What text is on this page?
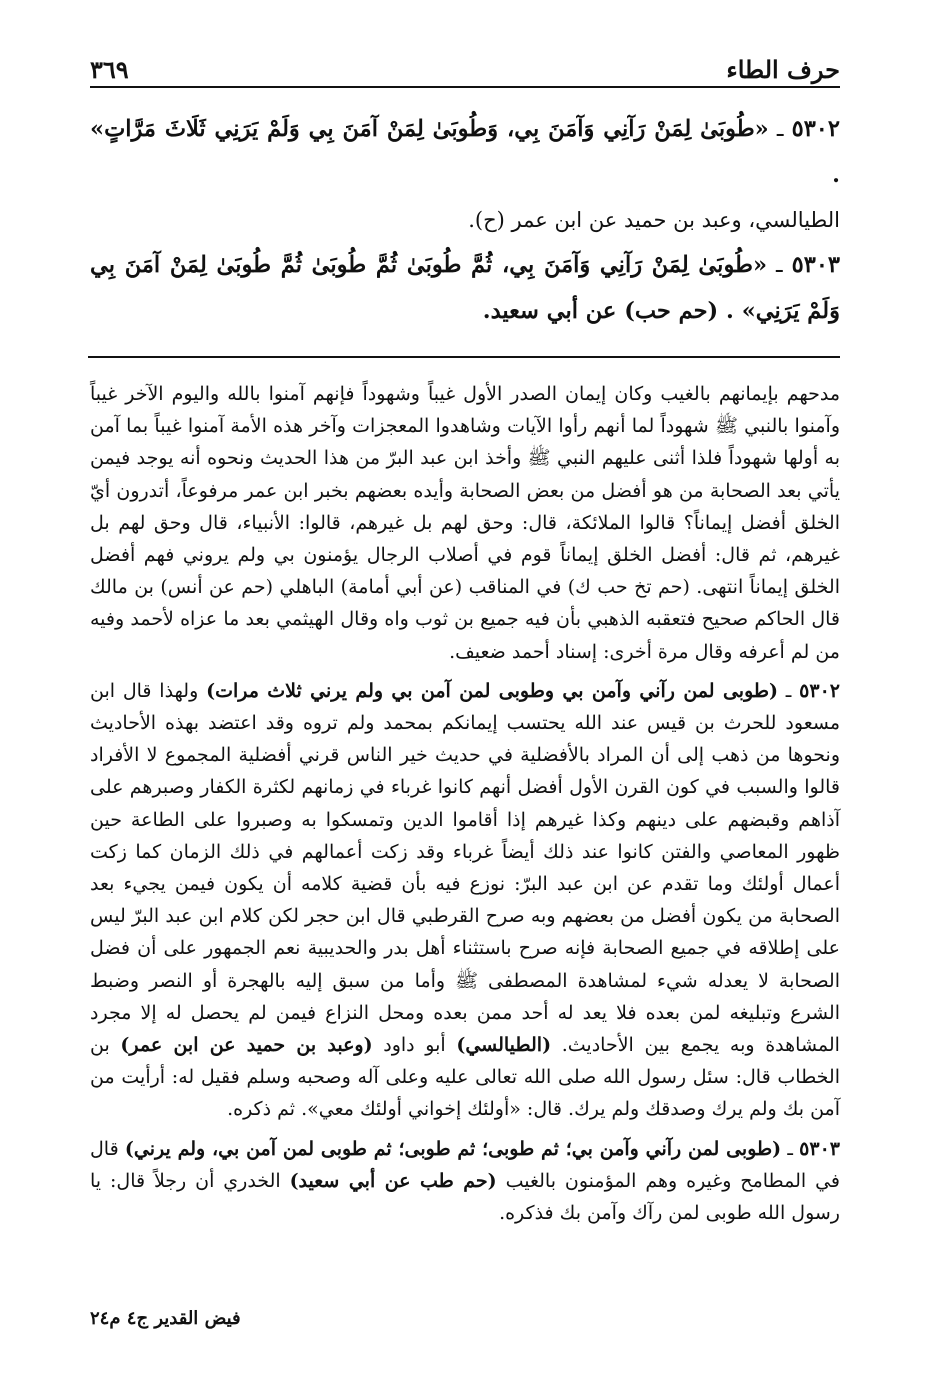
حرف الطاء
٣٦٩

٥٣٠٢ ـ «طُوبَىٰ لِمَنْ رَآنِي وَآمَنَ بِي، وَطُوبَىٰ لِمَنْ آمَنَ بِي وَلَمْ يَرَنِي ثَلَاثَ مَرَّاتٍ» .

الطيالسي، وعبد بن حميد عن ابن عمر (ح).

٥٣٠٣ ـ «طُوبَىٰ لِمَنْ رَآنِي وَآمَنَ بِي، ثُمَّ طُوبَىٰ ثُمَّ طُوبَىٰ ثُمَّ طُوبَىٰ لِمَنْ آمَنَ بِي وَلَمْ يَرَنِي» . (حم حب) عن أبي سعيد.

مدحهم بإيمانهم بالغيب وكان إيمان الصدر الأول غيباً وشهوداً فإنهم آمنوا بالله واليوم الآخر غيباً وآمنوا بالنبي ﷺ شهوداً لما أنهم رأوا الآيات وشاهدوا المعجزات وآخر هذه الأمة آمنوا غيباً بما آمن به أولها شهوداً فلذا أثنى عليهم النبي ﷺ وأخذ ابن عبد البرّ من هذا الحديث ونحوه أنه يوجد فيمن يأتي بعد الصحابة من هو أفضل من بعض الصحابة وأيده بعضهم بخبر ابن عمر مرفوعاً، أتدرون أيّ الخلق أفضل إيماناً؟ قالوا الملائكة، قال: وحق لهم بل غيرهم، قالوا: الأنبياء، قال وحق لهم بل غيرهم، ثم قال: أفضل الخلق إيماناً قوم في أصلاب الرجال يؤمنون بي ولم يروني فهم أفضل الخلق إيماناً انتهى. (حم تخ حب ك) في المناقب (عن أبي أمامة) الباهلي (حم عن أنس) بن مالك قال الحاكم صحيح فتعقبه الذهبي بأن فيه جميع بن ثوب واه وقال الهيثمي بعد ما عزاه لأحمد وفيه من لم أعرفه وقال مرة أخرى: إسناد أحمد ضعيف.

٥٣٠٢ ـ (طوبى لمن رآني وآمن بي وطوبى لمن آمن بي ولم يرني ثلاث مرات) ولهذا قال ابن مسعود للحرث بن قيس عند الله يحتسب إيمانكم بمحمد ولم تروه وقد اعتضد بهذه الأحاديث ونحوها من ذهب إلى أن المراد بالأفضلية في حديث خير الناس قرني أفضلية المجموع لا الأفراد قالوا والسبب في كون القرن الأول أفضل أنهم كانوا غرباء في زمانهم لكثرة الكفار وصبرهم على آذاهم وقبضهم على دينهم وكذا غيرهم إذا أقاموا الدين وتمسكوا به وصبروا على الطاعة حين ظهور المعاصي والفتن كانوا عند ذلك أيضاً غرباء وقد زكت أعمالهم في ذلك الزمان كما زكت أعمال أولئك وما تقدم عن ابن عبد البرّ: نوزع فيه بأن قضية كلامه أن يكون فيمن يجيء بعد الصحابة من يكون أفضل من بعضهم وبه صرح القرطبي قال ابن حجر لكن كلام ابن عبد البرّ ليس على إطلاقه في جميع الصحابة فإنه صرح باستثناء أهل بدر والحديبية نعم الجمهور على أن فضل الصحابة لا يعدله شيء لمشاهدة المصطفى ﷺ وأما من سبق إليه بالهجرة أو النصر وضبط الشرع وتبليغه لمن بعده فلا يعد له أحد ممن بعده ومحل النزاع فيمن لم يحصل له إلا مجرد المشاهدة وبه يجمع بين الأحاديث. (الطيالسي) أبو داود (وعبد بن حميد عن ابن عمر) بن الخطاب قال: سئل رسول الله صلى الله تعالى عليه وعلى آله وصحبه وسلم فقيل له: أرأيت من آمن بك ولم يرك وصدقك ولم يرك. قال: «أولئك إخواني أولئك معي». ثم ذكره.

٥٣٠٣ ـ (طوبى لمن رآني وآمن بي؛ ثم طوبى؛ ثم طوبى؛ ثم طوبى لمن آمن بي، ولم يرني) قال في المطامح وغيره وهم المؤمنون بالغيب (حم طب عن أبي سعيد) الخدري أن رجلاً قال: يا رسول الله طوبى لمن رآك وآمن بك فذكره.

فيض القدير ج٤ م٢٤
